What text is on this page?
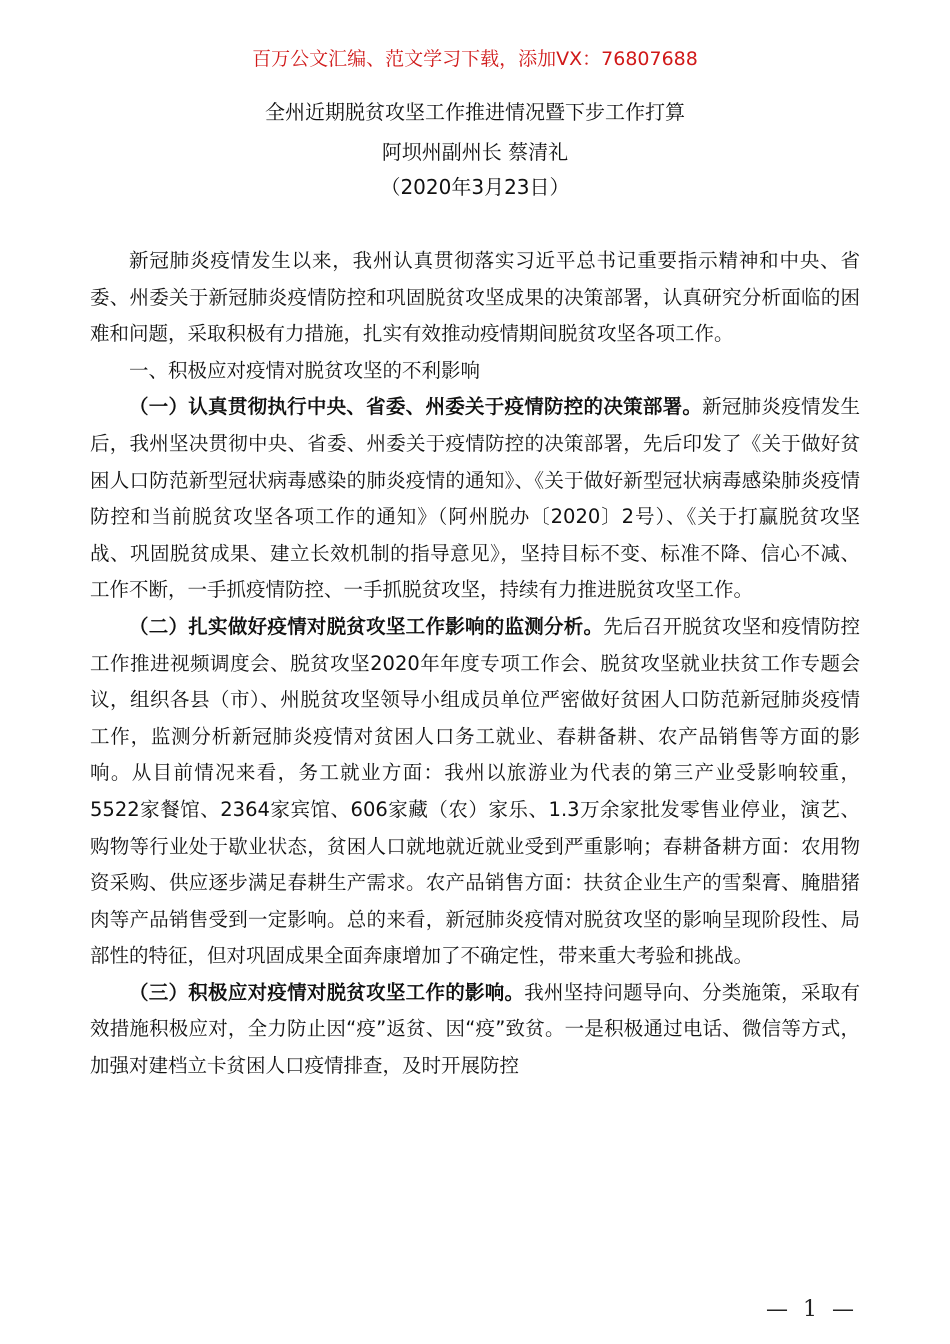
百万公文汇编、范文学习下载，添加VX：76807688
全州近期脱贫攻坚工作推进情况暨下步工作打算
阿坝州副州长 蔡清礼
（2020年3月23日）

新冠肺炎疫情发生以来，我州认真贯彻落实习近平总书记重要指示精神和中央、省委、州委关于新冠肺炎疫情防控和巩固脱贫攻坚成果的决策部署，认真研究分析面临的困难和问题，采取积极有力措施，扎实有效推动疫情期间脱贫攻坚各项工作。

一、积极应对疫情对脱贫攻坚的不利影响

（一）认真贯彻执行中央、省委、州委关于疫情防控的决策部署。新冠肺炎疫情发生后，我州坚决贯彻中央、省委、州委关于疫情防控的决策部署，先后印发了《关于做好贫困人口防范新型冠状病毒感染的肺炎疫情的通知》、《关于做好新型冠状病毒感染肺炎疫情防控和当前脱贫攻坚各项工作的通知》（阿州脱办〔2020〕2号）、《关于打赢脱贫攻坚战、巩固脱贫成果、建立长效机制的指导意见》，坚持目标不变、标准不降、信心不减、工作不断，一手抓疫情防控、一手抓脱贫攻坚，持续有力推进脱贫攻坚工作。

（二）扎实做好疫情对脱贫攻坚工作影响的监测分析。先后召开脱贫攻坚和疫情防控工作推进视频调度会、脱贫攻坚2020年年度专项工作会、脱贫攻坚就业扶贫工作专题会议，组织各县（市）、州脱贫攻坚领导小组成员单位严密做好贫困人口防范新冠肺炎疫情工作，监测分析新冠肺炎疫情对贫困人口务工就业、春耕备耕、农产品销售等方面的影响。从目前情况来看，务工就业方面：我州以旅游业为代表的第三产业受影响较重，5522家餐馆、2364家宾馆、606家藏（农）家乐、1.3万余家批发零售业停业，演艺、购物等行业处于歇业状态，贫困人口就地就近就业受到严重影响；春耕备耕方面：农用物资采购、供应逐步满足春耕生产需求。农产品销售方面：扶贫企业生产的雪梨膏、腌腊猪肉等产品销售受到一定影响。总的来看，新冠肺炎疫情对脱贫攻坚的影响呈现阶段性、局部性的特征，但对巩固成果全面奔康增加了不确定性，带来重大考验和挑战。

（三）积极应对疫情对脱贫攻坚工作的影响。我州坚持问题导向、分类施策，采取有效措施积极应对，全力防止因“疫”返贫、因“疫”致贫。一是积极通过电话、微信等方式，加强对建档立卡贫困人口疫情排查，及时开展防控

— 1 —
